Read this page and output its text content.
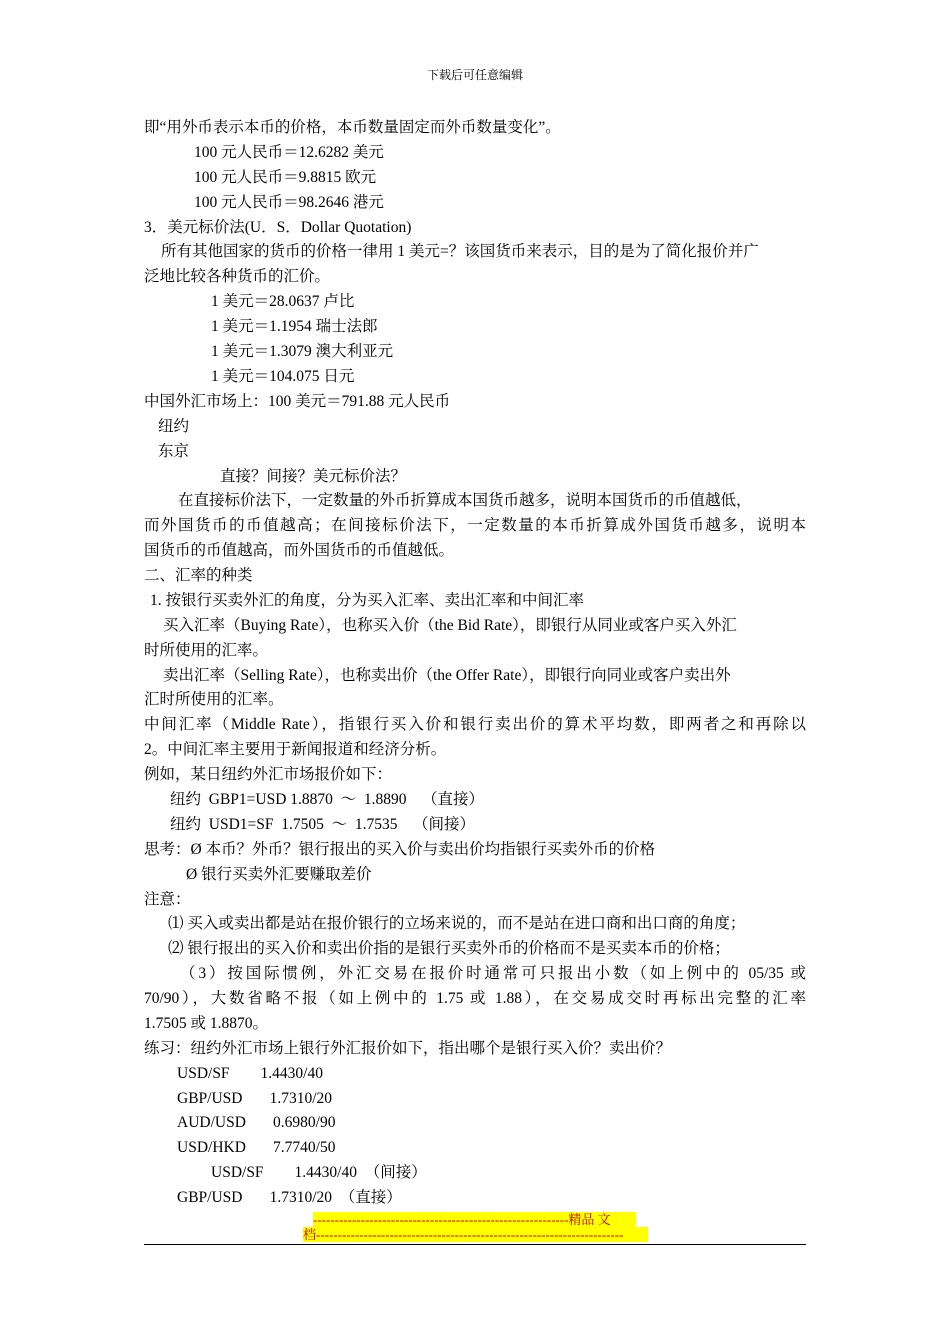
下载后可任意编辑
即“用外币表示本币的价格，本币数量固定而外币数量变化”。
100 元人民币＝12.6282 美元
100 元人民币＝9.8815 欧元
100 元人民币＝98.2646 港元
3．美元标价法(U．S．Dollar Quotation)
所有其他国家的货币的价格一律用 1 美元=？该国货币来表示，目的是为了简化报价并广
泛地比较各种货币的汇价。
1 美元＝28.0637 卢比
1 美元＝1.1954 瑞士法郎
1 美元＝1.3079 澳大利亚元
1 美元＝104.075 日元
中国外汇市场上：100 美元＝791.88 元人民币
纽约
东京
直接？间接？美元标价法？
在直接标价法下，一定数量的外币折算成本国货币越多，说明本国货币的币值越低，
而外国货币的币值越高；在间接标价法下，一定数量的本币折算成外国货币越多，说明本
国货币的币值越高，而外国货币的币值越低。
二、汇率的种类
1. 按银行买卖外汇的角度，分为买入汇率、卖出汇率和中间汇率
买入汇率（Buying Rate），也称买入价（the Bid Rate），即银行从同业或客户买入外汇
时所使用的汇率。
卖出汇率（Selling Rate），也称卖出价（the Offer Rate），即银行向同业或客户卖出外
汇时所使用的汇率。
中间汇率（Middle Rate），指银行买入价和银行卖出价的算术平均数，即两者之和再除以
2。中间汇率主要用于新闻报道和经济分析。
例如，某日纽约外汇市场报价如下：
纽约  GBP1=USD 1.8870  ～  1.8890    （直接）
纽约  USD1=SF  1.7505  ～  1.7535    （间接）
思考：Ø 本币？外币？银行报出的买入价与卖出价均指银行买卖外币的价格
Ø 银行买卖外汇要赚取差价
注意：
⑴ 买入或卖出都是站在报价银行的立场来说的，而不是站在进口商和出口商的角度；
⑵ 银行报出的买入价和卖出价指的是银行买卖外币的价格而不是买卖本币的价格；
（3）按国际惯例，外汇交易在报价时通常可只报出小数（如上例中的 05/35 或
70/90），大数省略不报（如上例中的 1.75 或 1.88），在交易成交时再标出完整的汇率
1.7505 或 1.8870。
练习：纽约外汇市场上银行外汇报价如下，指出哪个是银行买入价？卖出价？
USD/SF        1.4430/40
GBP/USD       1.7310/20
AUD/USD       0.6980/90
USD/HKD       7.7740/50
USD/SF        1.4430/40  （间接）
GBP/USD       1.7310/20  （直接）
-----------------------------------------------------------精品 文
档-----------------------------------------------------------------------
